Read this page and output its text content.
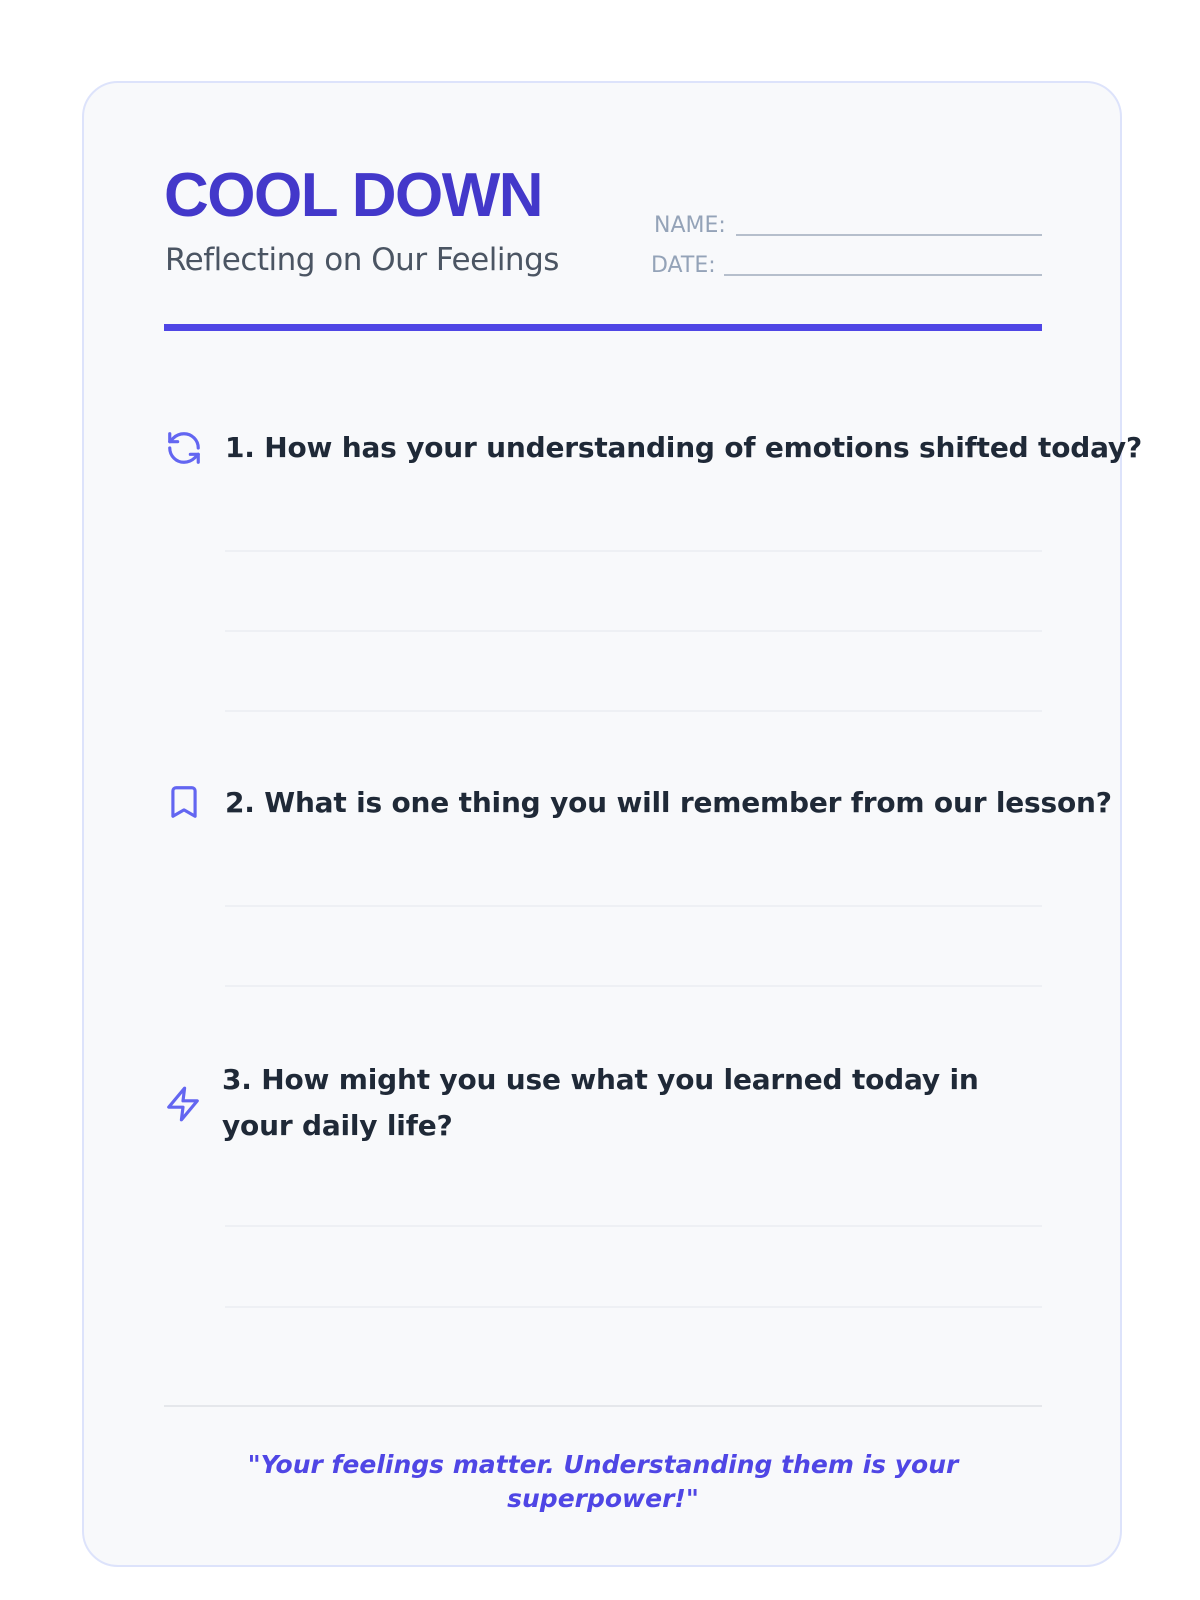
COOL DOWN
Reflecting on Our Feelings
NAME:
DATE:
1. How has your understanding of emotions shifted today?
2. What is one thing you will remember from our lesson?
3. How might you use what you learned today in your daily life?
"Your feelings matter. Understanding them is your superpower!"
